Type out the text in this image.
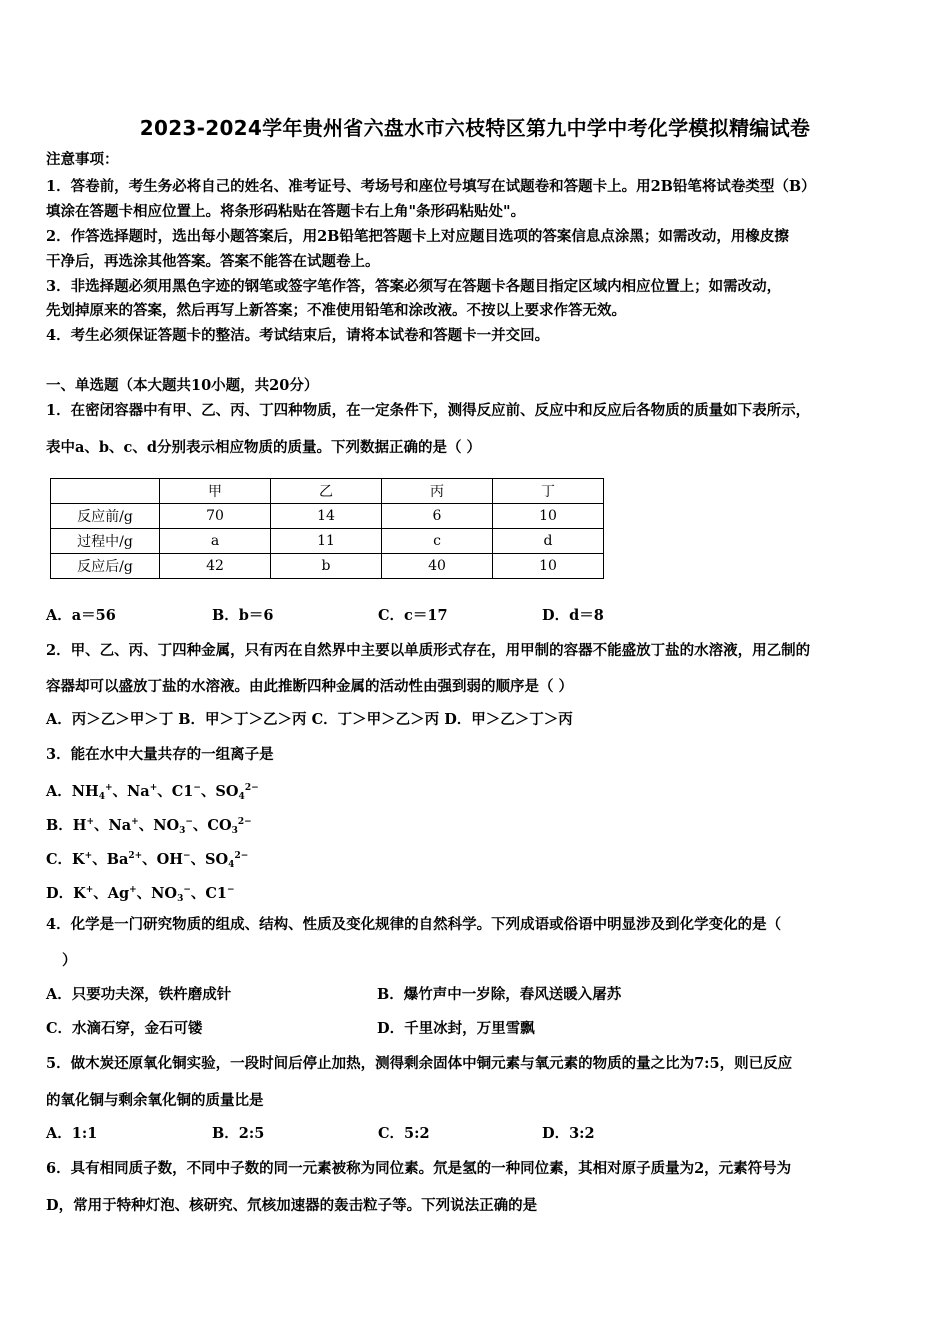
2023-2024学年贵州省六盘水市六枝特区第九中学中考化学模拟精编试卷
注意事项：
1．答卷前，考生务必将自己的姓名、准考证号、考场号和座位号填写在试题卷和答题卡上。用2B铅笔将试卷类型（B）
填涂在答题卡相应位置上。将条形码粘贴在答题卡右上角"条形码粘贴处"。
2．作答选择题时，选出每小题答案后，用2B铅笔把答题卡上对应题目选项的答案信息点涂黑；如需改动，用橡皮擦
干净后，再选涂其他答案。答案不能答在试题卷上。
3．非选择题必须用黑色字迹的钢笔或签字笔作答，答案必须写在答题卡各题目指定区域内相应位置上；如需改动，
先划掉原来的答案，然后再写上新答案；不准使用铅笔和涂改液。不按以上要求作答无效。
4．考生必须保证答题卡的整洁。考试结束后，请将本试卷和答题卡一并交回。
一、单选题（本大题共10小题，共20分）
1．在密闭容器中有甲、乙、丙、丁四种物质，在一定条件下，测得反应前、反应中和反应后各物质的质量如下表所示，
表中a、b、c、d分别表示相应物质的质量。下列数据正确的是（ ）
	甲	乙	丙	丁
反应前/g	70	14	6	10
过程中/g	a	11	c	d
反应后/g	42	b	40	10
A．a＝56	B．b＝6	C．c＝17	D．d＝8
2．甲、乙、丙、丁四种金属，只有丙在自然界中主要以单质形式存在，用甲制的容器不能盛放丁盐的水溶液，用乙制的
容器却可以盛放丁盐的水溶液。由此推断四种金属的活动性由强到弱的顺序是（ ）
A．丙＞乙＞甲＞丁 B．甲＞丁＞乙＞丙 C．丁＞甲＞乙＞丙 D．甲＞乙＞丁＞丙
3．能在水中大量共存的一组离子是
A．$NH_4^+$、Na+、C1−、$SO_4^{2-}$
B．H+、Na+、$NO_3^-$、$CO_3^{2-}$
C．K+、$Ba^{2+}$、OH−、$SO_4^{2-}$
D．K+、Ag+、$NO_3^-$、C1−
4．化学是一门研究物质的组成、结构、性质及变化规律的自然科学。下列成语或俗语中明显涉及到化学变化的是（
）
A．只要功夫深，铁杵磨成针	B．爆竹声中一岁除，春风送暖入屠苏
C．水滴石穿，金石可镂	D．千里冰封，万里雪飘
5．做木炭还原氧化铜实验，一段时间后停止加热，测得剩余固体中铜元素与氧元素的物质的量之比为7:5，则已反应
的氧化铜与剩余氧化铜的质量比是
A．1:1	B．2:5	C．5:2	D．3:2
6．具有相同质子数，不同中子数的同一元素被称为同位素。氘是氢的一种同位素，其相对原子质量为2，元素符号为
D，常用于特种灯泡、核研究、氘核加速器的轰击粒子等。下列说法正确的是
